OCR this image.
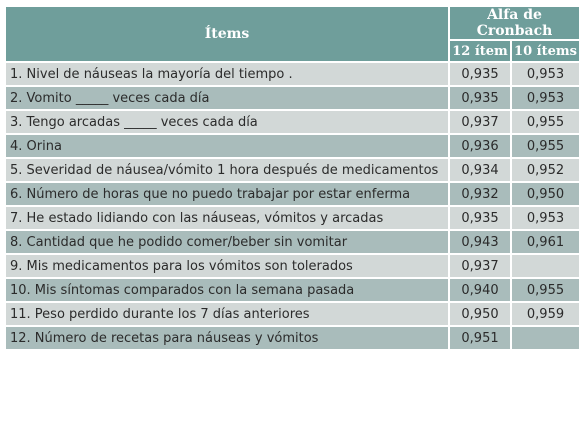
Ítems	Alfa de Cronbach	
	12 ítem	10 ítems
1. Nivel de náuseas la mayoría del tiempo .	0,935	0,953
2. Vomito _____ veces cada día	0,935	0,953
3. Tengo arcadas _____ veces cada día	0,937	0,955
4. Orina	0,936	0,955
5. Severidad de náusea/vómito 1 hora después de medicamentos	0,934	0,952
6. Número de horas que no puedo trabajar por estar enferma	0,932	0,950
7. He estado lidiando con las náuseas, vómitos y arcadas	0,935	0,953
8. Cantidad que he podido comer/beber sin vomitar	0,943	0,961
9. Mis medicamentos para los vómitos son tolerados	0,937	
10. Mis síntomas comparados con la semana pasada	0,940	0,955
11. Peso perdido durante los 7 días anteriores	0,950	0,959
12. Número de recetas para náuseas y vómitos	0,951	
